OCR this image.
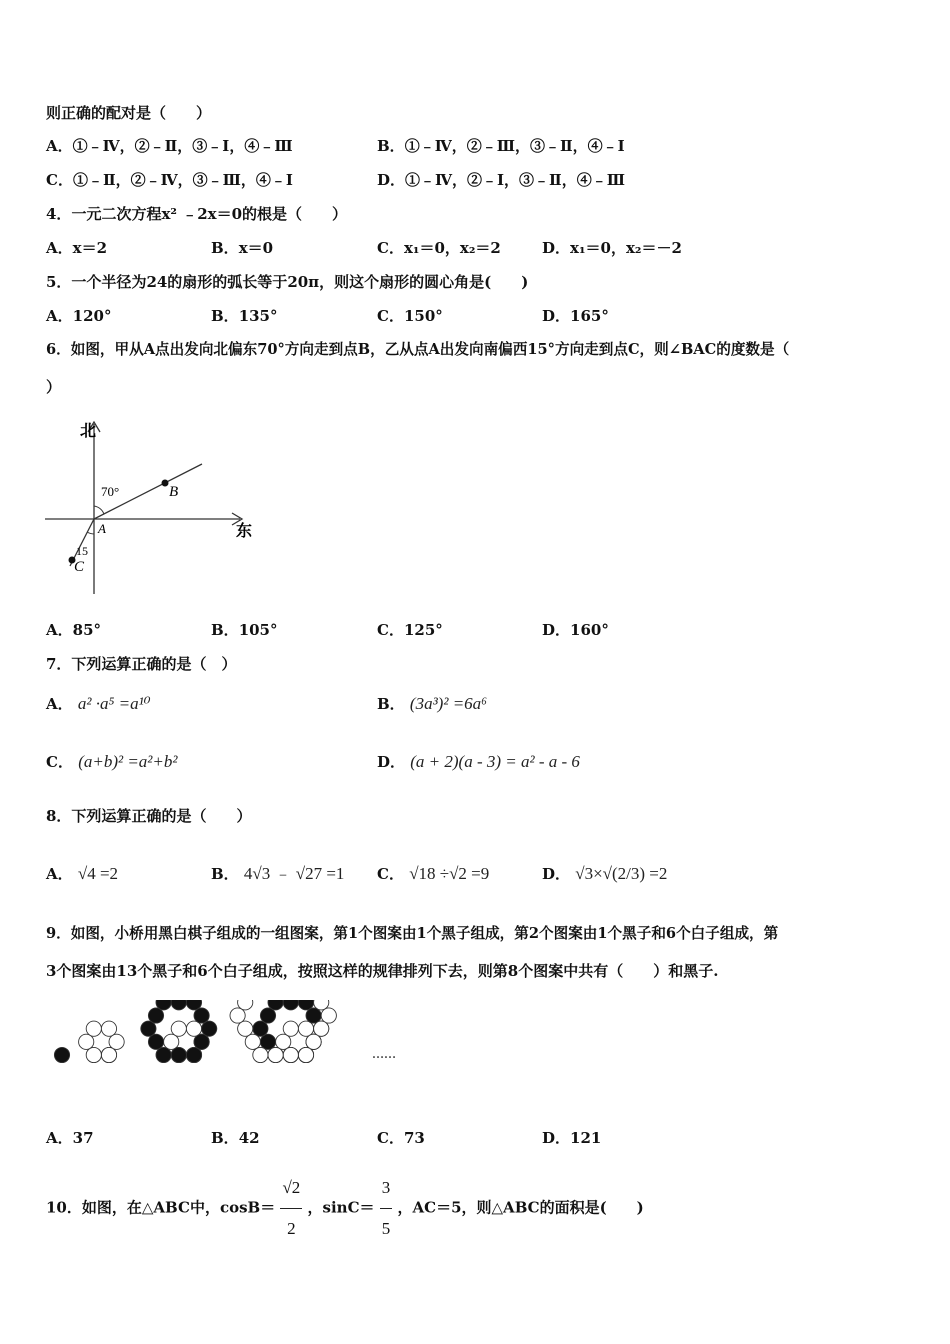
则正确的配对是（　　）
A．①﹣Ⅳ，②﹣Ⅱ，③﹣Ⅰ，④﹣Ⅲ	B．①﹣Ⅳ，②﹣Ⅲ，③﹣Ⅱ，④﹣Ⅰ
C．①﹣Ⅱ，②﹣Ⅳ，③﹣Ⅲ，④﹣Ⅰ	D．①﹣Ⅳ，②﹣Ⅰ，③﹣Ⅱ，④﹣Ⅲ
4．一元二次方程x² ﹣2x＝0的根是（　　）
A．x＝2	B．x＝0	C．x₁＝0，x₂＝2	D．x₁＝0，x₂＝－2
5．一个半径为24的扇形的弧长等于20π，则这个扇形的圆心角是(　　)
A．120°	B．135°	C．150°	D．165°
6．如图，甲从A点出发向北偏东70°方向走到点B，乙从点A出发向南偏西15°方向走到点C，则∠BAC的度数是（
）
北
东
70°
15
A
B
C
A．85°	B．105°	C．125°	D．160°
7．下列运算正确的是（　）
A． a² ·a⁵ =a¹⁰	B． (3a³)² =6a⁶
C． (a+b)² =a²+b²	D． (a + 2)(a - 3) = a² - a - 6
8．下列运算正确的是（　　）
A． √4 =2	B． 4√3 ﹣ √27 =1 C． √18 ÷√2 =9	D． √3×√(2/3) =2
9．如图，小桥用黑白棋子组成的一组图案，第1个图案由1个黑子组成，第2个图案由1个黑子和6个白子组成，第
3个图案由13个黑子和6个白子组成，按照这样的规律排列下去，则第8个图案中共有（　　）和黑子.
……
A．37	B．42	C．73	D．121
10．如图，在△ABC中，$\cos B= \frac{√2}{2}$ ，$\sin C= \frac{3}{5}$ ，AC＝5，则△ABC的面积是(　　)
